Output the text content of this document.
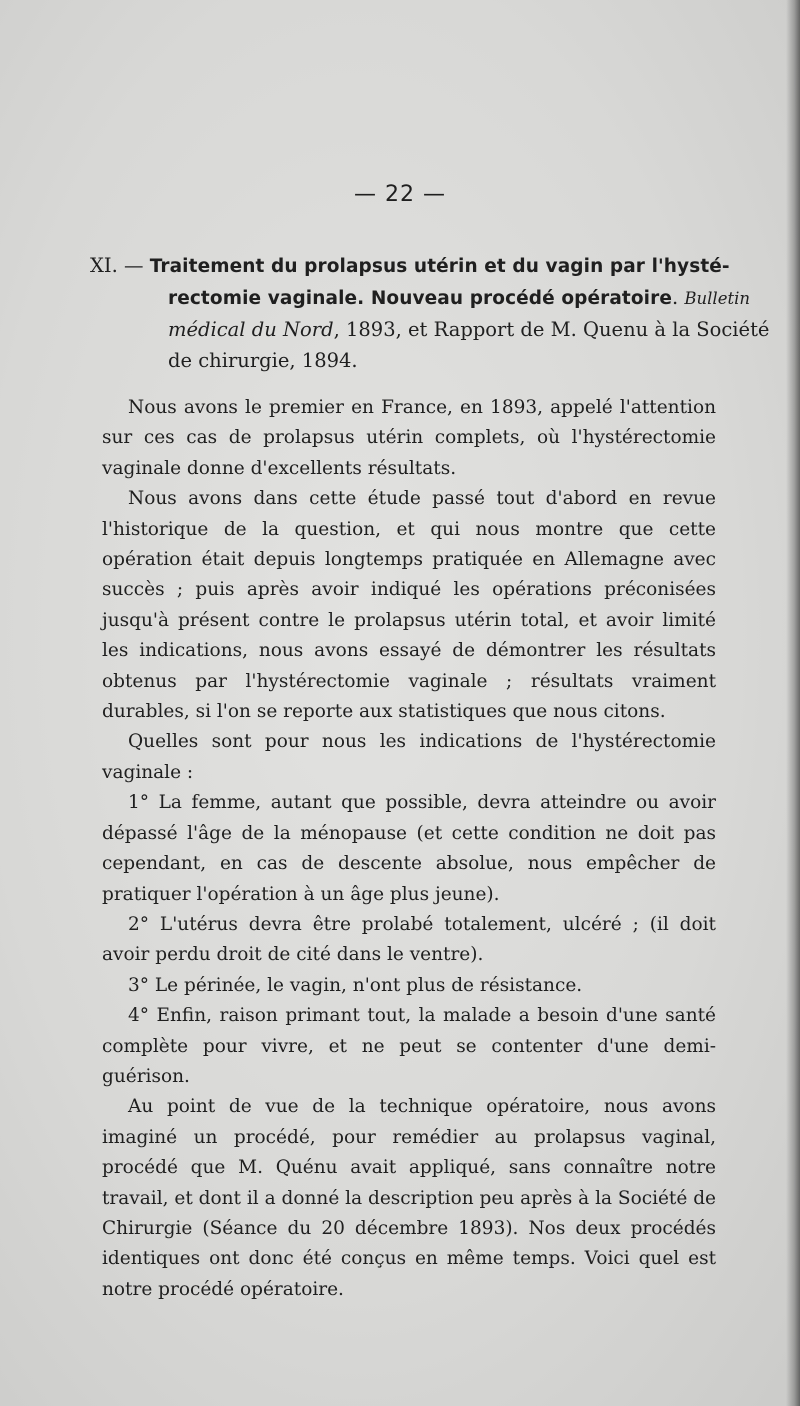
— 22 —
XI. — Traitement du prolapsus utérin et du vagin par l'hysté-
rectomie vaginale. Nouveau procédé opératoire. Bulletin
médical du Nord, 1893, et Rapport de M. Quenu à la Société
de chirurgie, 1894.

Nous avons le premier en France, en 1893, appelé l'attention sur ces cas de prolapsus utérin complets, où l'hystérectomie vaginale donne d'excellents résultats.

Nous avons dans cette étude passé tout d'abord en revue l'historique de la question, et qui nous montre que cette opération était depuis longtemps pratiquée en Allemagne avec succès ; puis après avoir indiqué les opérations préconisées jusqu'à présent contre le prolapsus utérin total, et avoir limité les indications, nous avons essayé de démontrer les résultats obtenus par l'hystérectomie vaginale ; résultats vraiment durables, si l'on se reporte aux statistiques que nous citons.

Quelles sont pour nous les indications de l'hystérectomie vaginale :

1° La femme, autant que possible, devra atteindre ou avoir dépassé l'âge de la ménopause (et cette condition ne doit pas cependant, en cas de descente absolue, nous empêcher de pratiquer l'opération à un âge plus jeune).

2° L'utérus devra être prolabé totalement, ulcéré ; (il doit avoir perdu droit de cité dans le ventre).

3° Le périnée, le vagin, n'ont plus de résistance.

4° Enfin, raison primant tout, la malade a besoin d'une santé complète pour vivre, et ne peut se contenter d'une demi-guérison.

Au point de vue de la technique opératoire, nous avons imaginé un procédé, pour remédier au prolapsus vaginal, procédé que M. Quénu avait appliqué, sans connaître notre travail, et dont il a donné la description peu après à la Société de Chirurgie (Séance du 20 décembre 1893). Nos deux procédés identiques ont donc été conçus en même temps. Voici quel est notre procédé opératoire.
